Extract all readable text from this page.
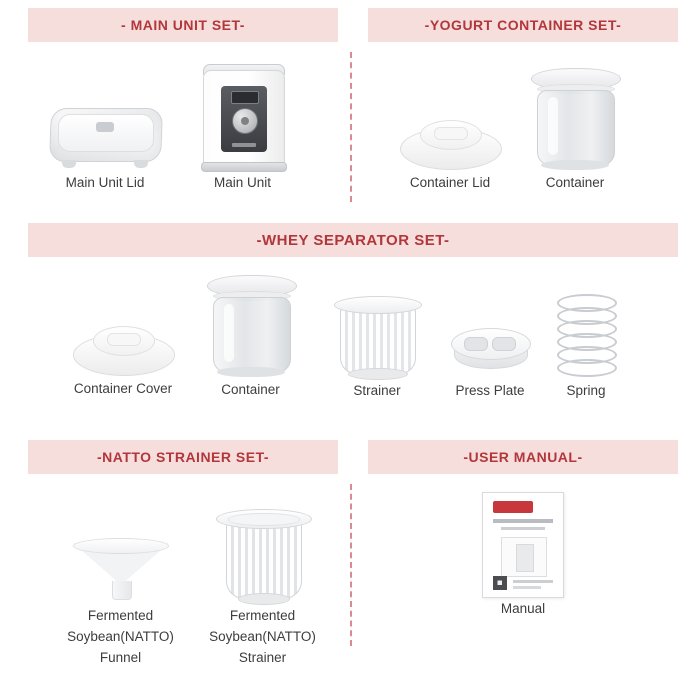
- MAIN UNIT SET-	-YOGURT CONTAINER SET-
Main Unit Lid	Main Unit	Container Lid	Container
-WHEY SEPARATOR SET-
Container Cover	Container	Strainer	Press Plate	Spring
-NATTO STRAINER SET-	-USER MANUAL-
Fermented
Soybean(NATTO)
Funnel
Fermented
Soybean(NATTO)
Strainer
Manual
